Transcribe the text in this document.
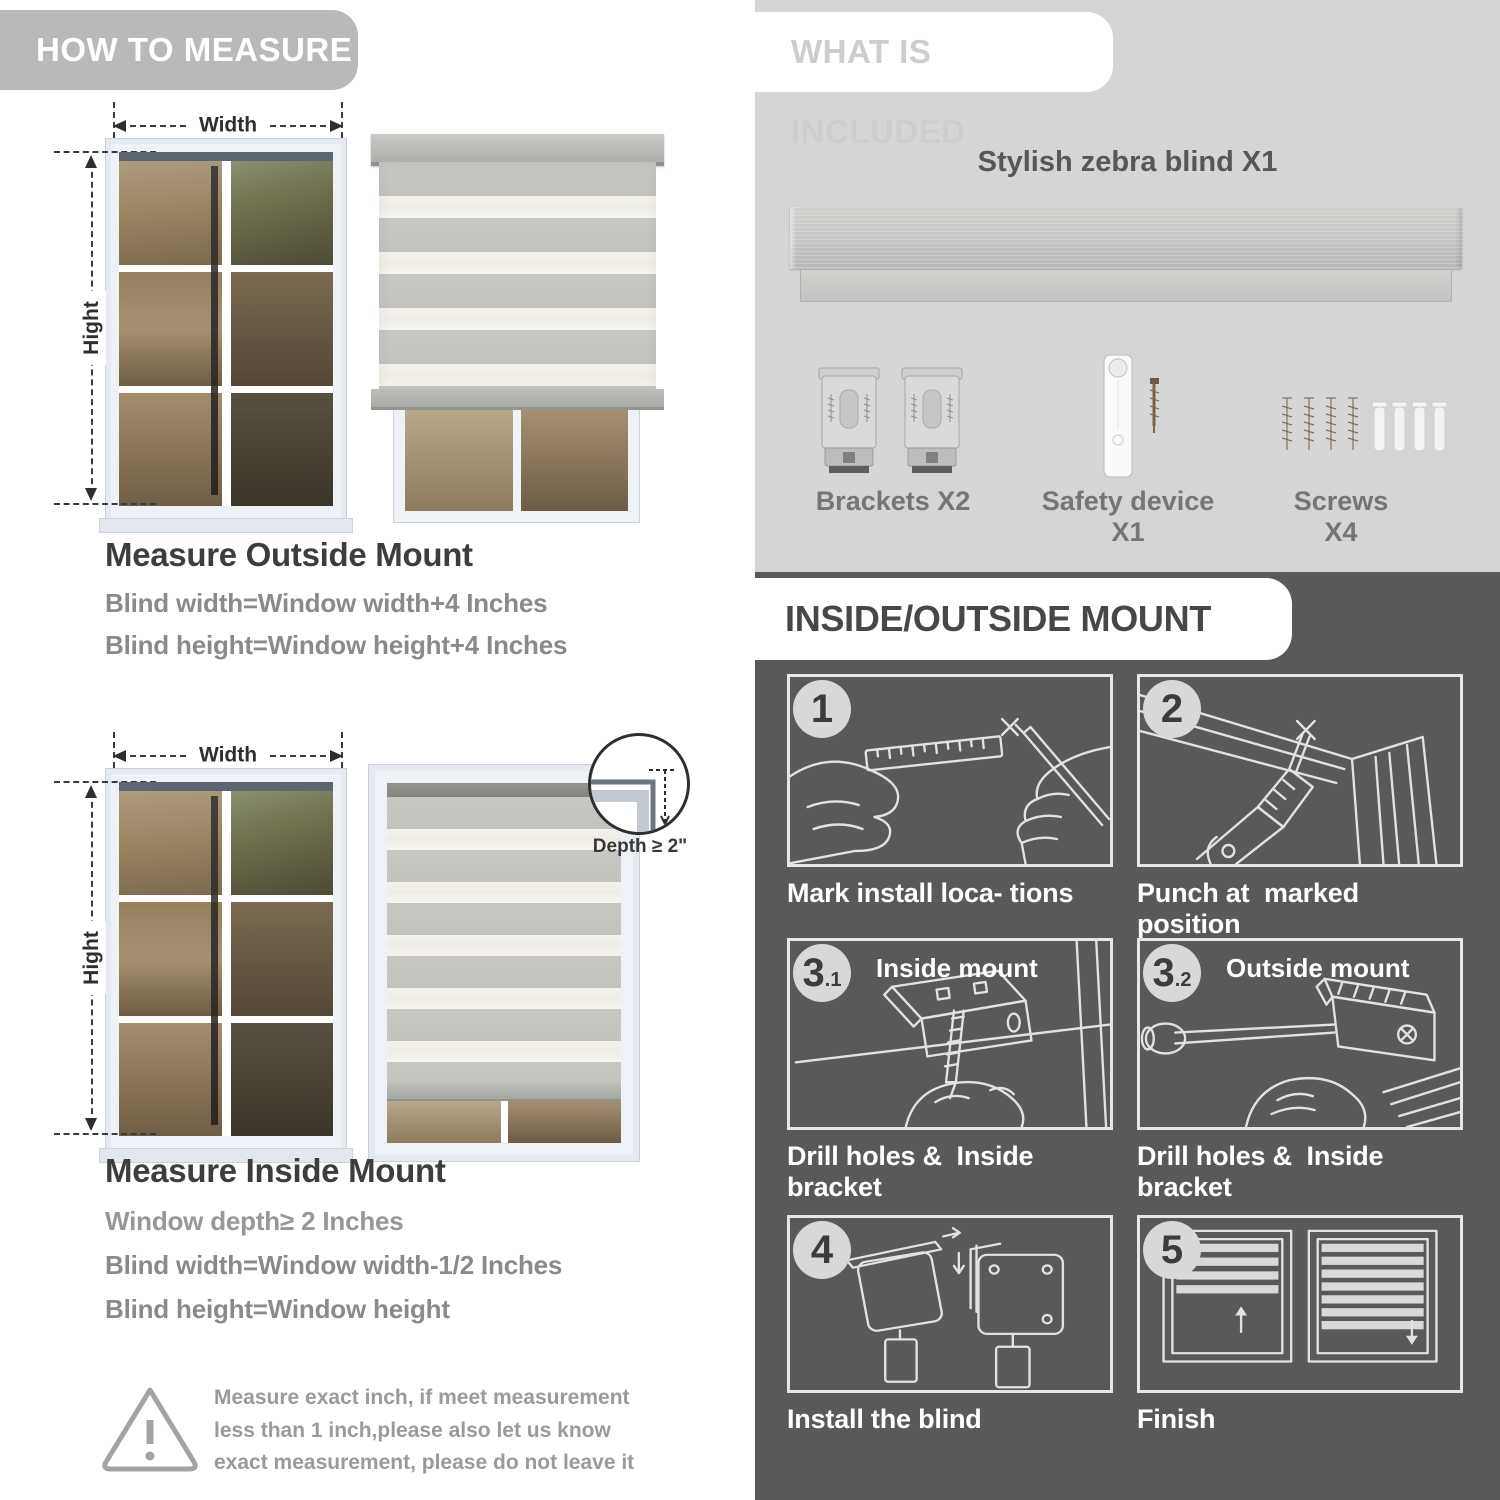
HOW TO MEASURE
Width
Hight
Measure Outside Mount
Blind width=Window width+4 Inches
Blind height=Window height+4 Inches
Width
Hight
Depth ≥ 2"
Measure Inside Mount
Window depth≥ 2 Inches
Blind width=Window width-1/2 Inches
Blind height=Window height
Measure exact inch, if meet measurement less than 1 inch,please also let us know exact measurement, please do not leave it
WHAT IS INCLUDED
Stylish zebra blind X1
Brackets X2	Safety device X1
Screws X4
INSIDE/OUTSIDE MOUNT
1
Mark install loca- tions
2
Punch at  marked position
3.1	Inside mount
Drill holes &  Inside bracket
3.2	Outside mount
Drill holes &  Inside bracket
4
Install the blind
5
Finish
